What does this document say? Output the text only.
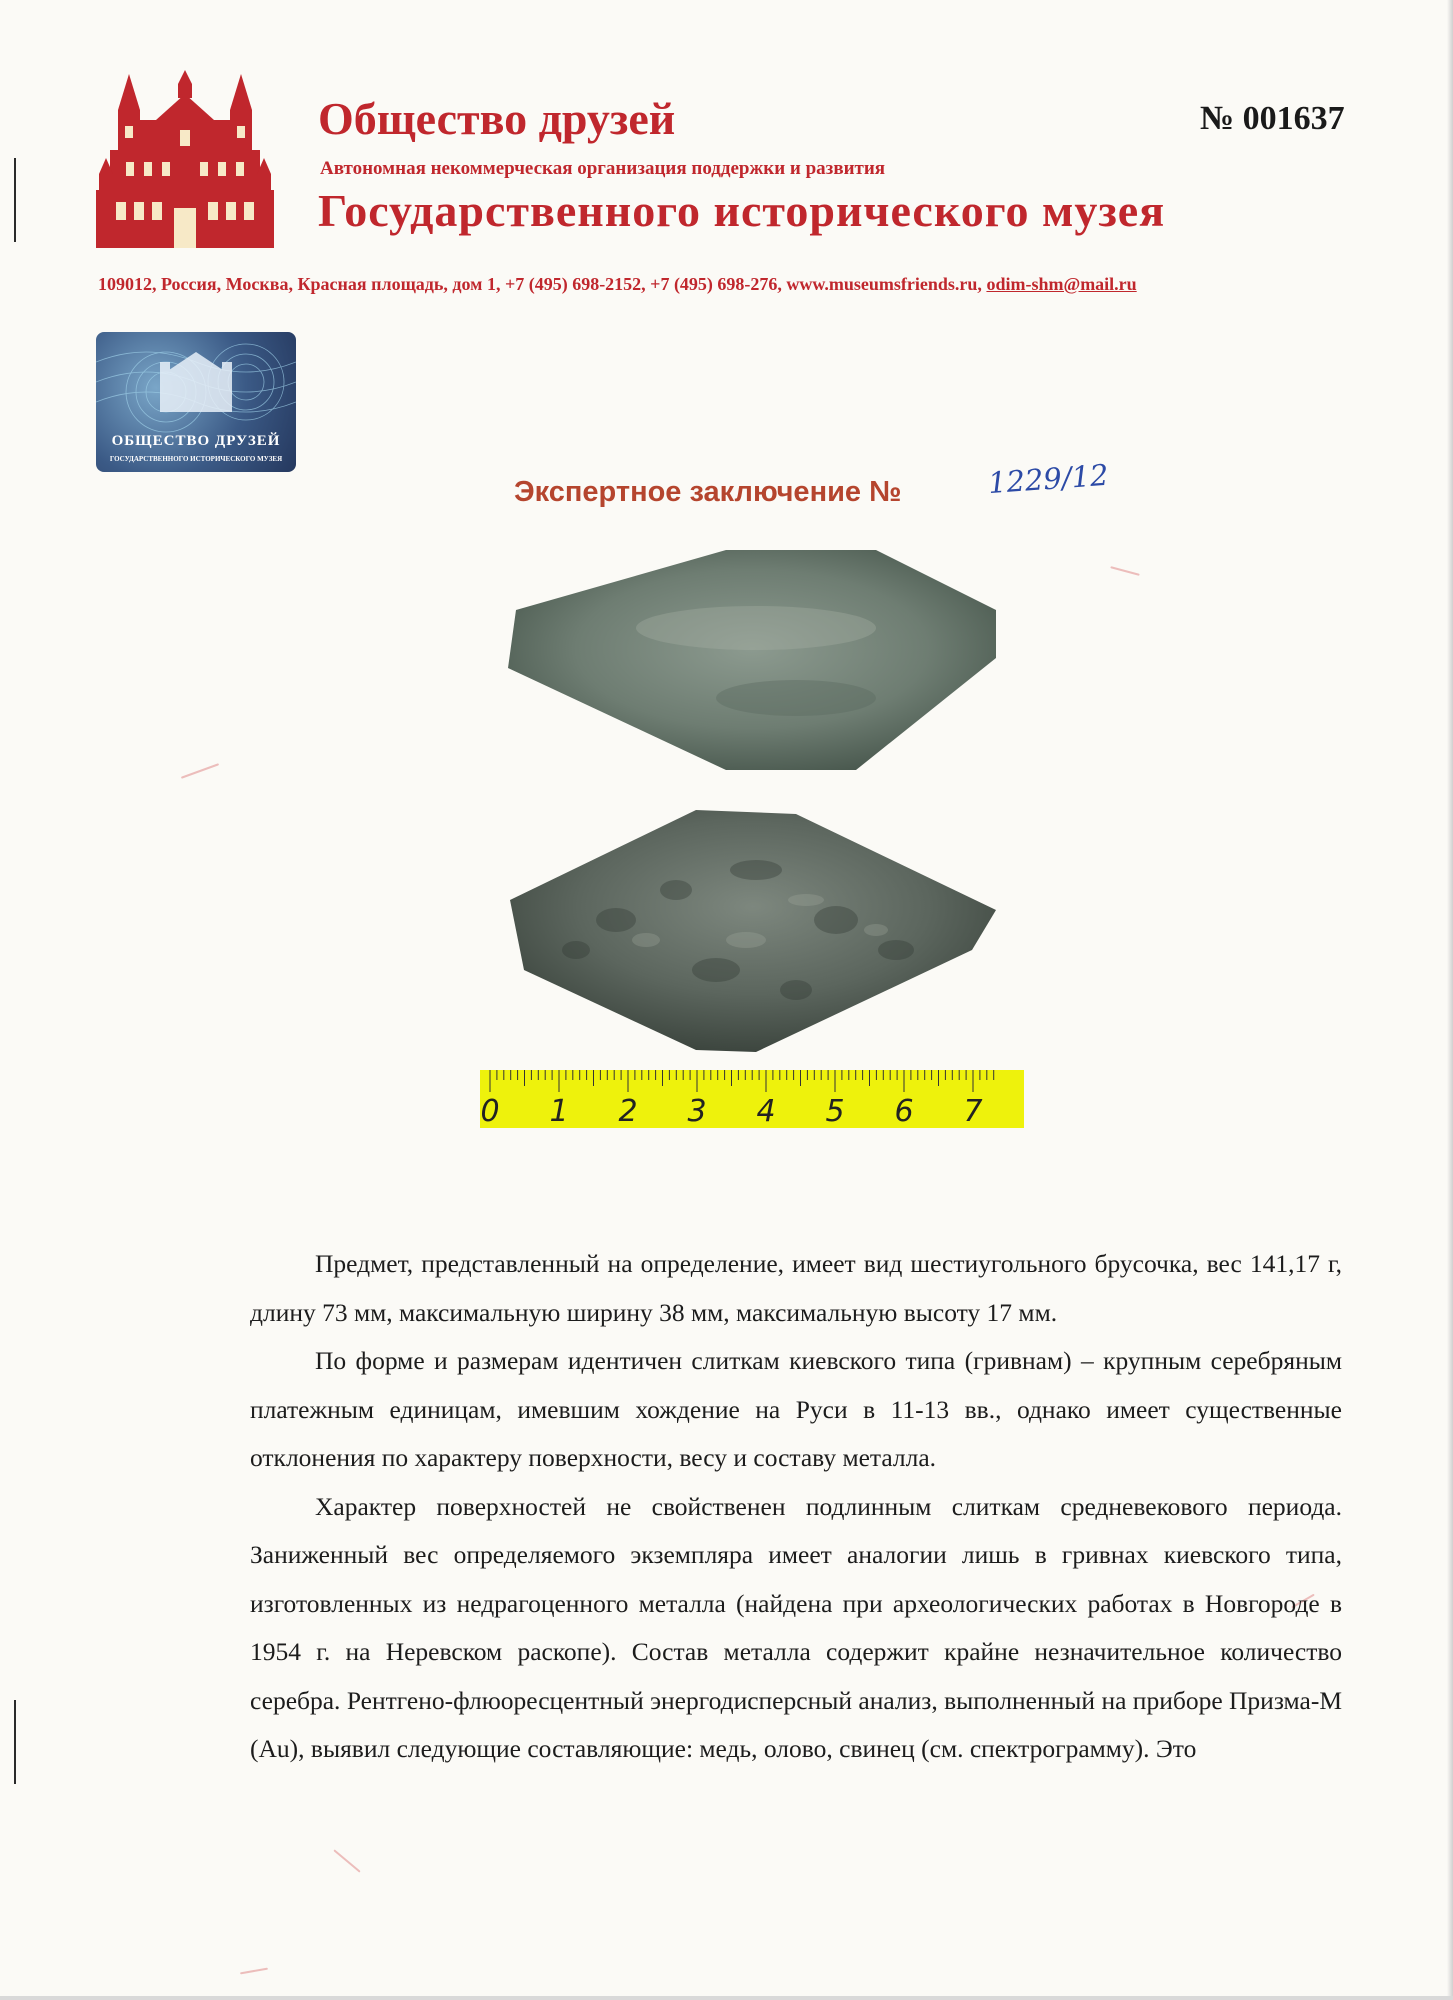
Общество друзей
Автономная некоммерческая организация поддержки и развития
Государственного исторического музея
№ 001637
109012, Россия, Москва, Красная площадь, дом 1, +7 (495) 698-2152, +7 (495) 698-276, www.museumsfriends.ru, odim-shm@mail.ru
ОБЩЕСТВО ДРУЗЕЙ
ГОСУДАРСТВЕННОГО ИСТОРИЧЕСКОГО МУЗЕЯ
Экспертное заключение №	1229/12
0 1 2 3 4 5 6 7

Предмет, представленный на определение, имеет вид шестиугольного брусочка, вес 141,17 г, длину 73 мм, максимальную ширину 38 мм, максимальную высоту 17 мм.

По форме и размерам идентичен слиткам киевского типа (гривнам) – крупным серебряным платежным единицам, имевшим хождение на Руси в 11-13 вв., однако имеет существенные отклонения по характеру поверхности, весу и составу металла.

Характер поверхностей не свойственен подлинным слиткам средневекового периода. Заниженный вес определяемого экземпляра имеет аналогии лишь в гривнах киевского типа, изготовленных из недрагоценного металла (найдена при археологических работах в Новгороде в 1954 г. на Неревском раскопе). Состав металла содержит крайне незначительное количество серебра. Рентгено-флюоресцентный энергодисперсный анализ, выполненный на приборе Призма-М (Au), выявил следующие составляющие: медь, олово, свинец (см. спектрограмму). Это
